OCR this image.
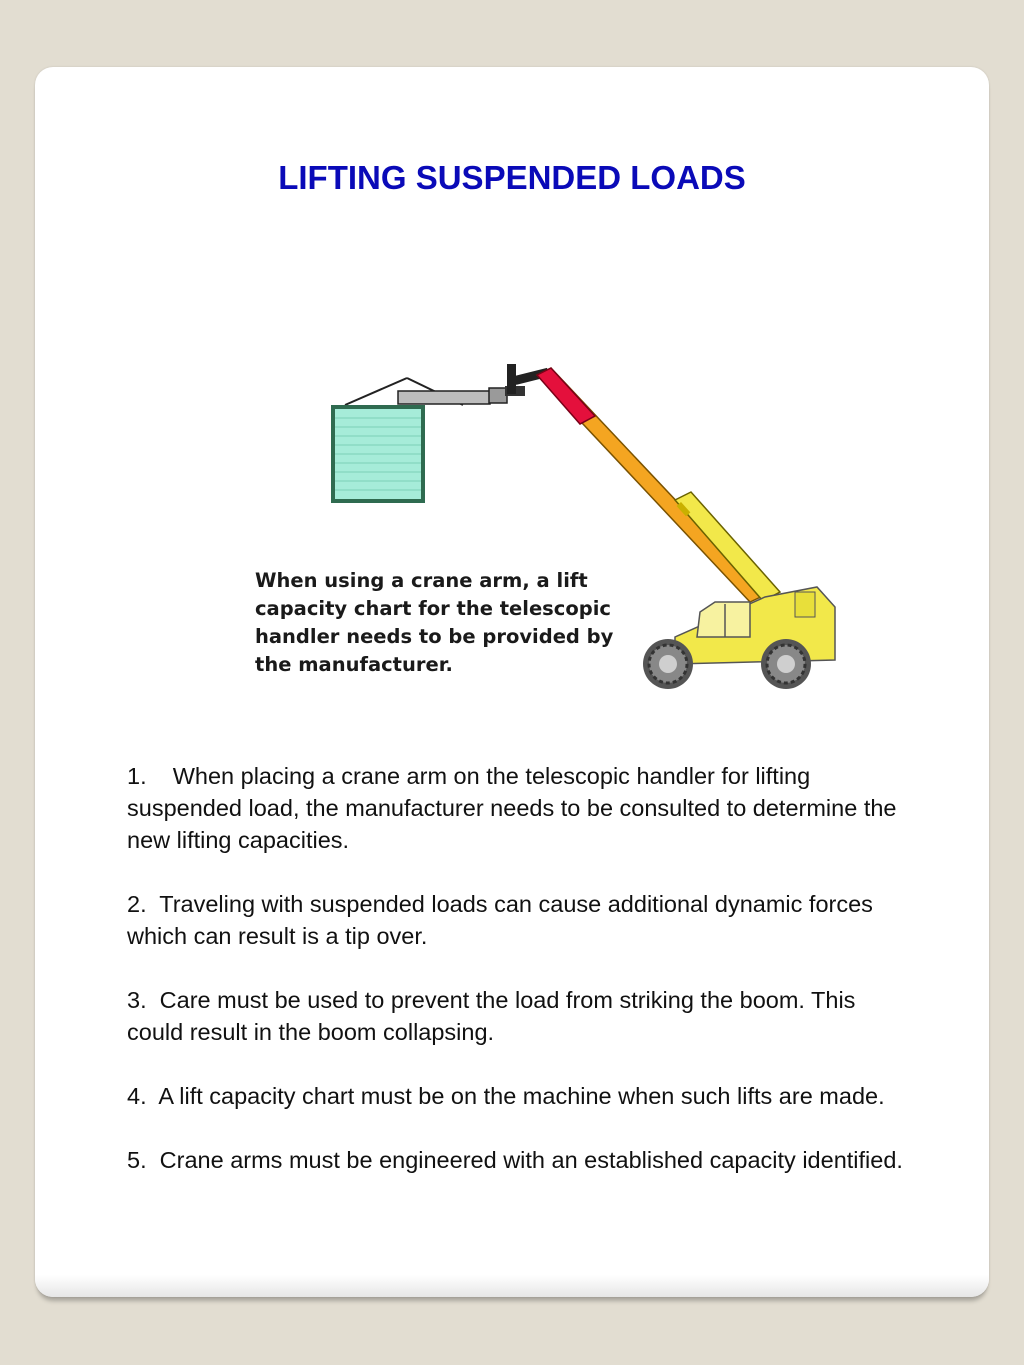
LIFTING SUSPENDED LOADS
When using a crane arm, a lift capacity chart for the telescopic handler needs to be provided by the manufacturer.

1.    When placing a crane arm on the telescopic handler for lifting suspended load, the manufacturer needs to be consulted to determine the new lifting capacities.

2.  Traveling with suspended loads can cause additional dynamic forces which can result is a tip over.

3.  Care must be used to prevent the load from striking the boom. This could result in the boom collapsing.

4.  A lift capacity chart must be on the machine when such lifts are made.

5.  Crane arms must be engineered with an established capacity identified.
